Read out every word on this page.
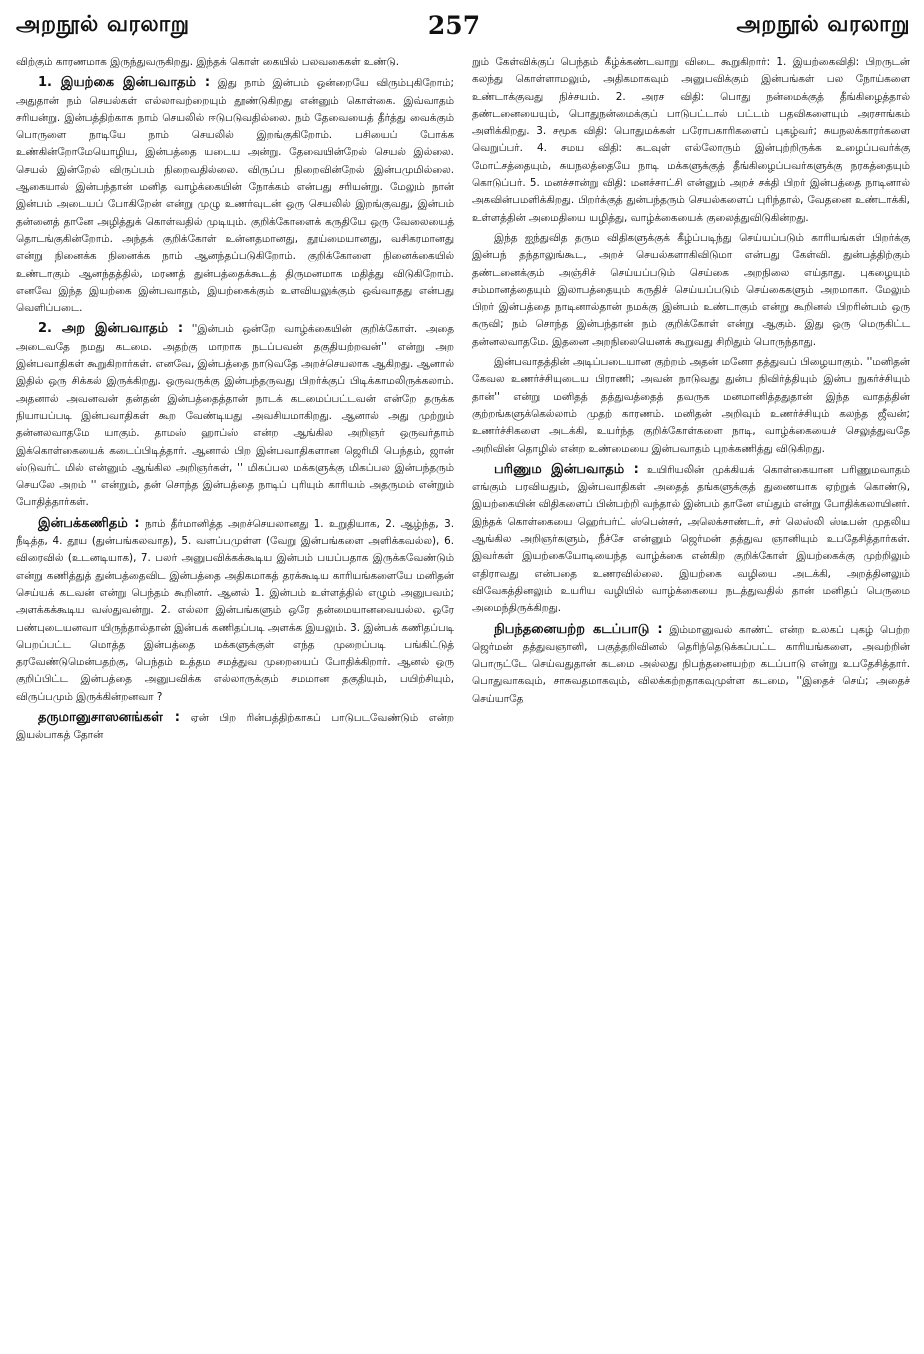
அறநூல் வரலாறு	257	அறநூல் வரலாறு

விற்கும் காரணமாக இருந்துவருகிறது. இந்தக் கொள் கையில் பலவகைகள் உண்டு.

1. இயற்கை இன்பவாதம் : இது நாம் இன்பம் ஒன்றையே விரும்புகிறோம்; அதுதான் நம் செயல்கள் எல்லாவற்றையும் தூண்டுகிறது என்னும் கொள்கை. இவ்வாதம் சரியன்று. இன்பத்திற்காக நாம் செயலில் ஈடுபடுவதில்லை. நம் தேவையைத் தீர்த்து வைக்கும் பொருளை நாடியே நாம் செயலில் இறங்குகிறோம். பசியைப் போக்க உண்கின்றோமேயொழிய, இன்பத்தை யடைய அன்று. தேவையின்றேல் செயல் இல்லை. செயல் இன்றேல் விருப்பம் நிறைவதில்லை. விருப்ப நிறைவின்றேல் இன்பமுமில்லை. ஆகையால் இன்பந்தான் மனித வாழ்க்கையின் நோக்கம் என்பது சரியன்று. மேலும் நான் இன்பம் அடையப் போகிறேன் என்று முழு உணர்வுடன் ஒரு செயலில் இறங்குவது, இன்பம் தன்னைத் தானே அழித்துக் கொள்வதில் முடியும். குறிக்கோளைக் கருதியே ஒரு வேலையைத் தொடங்குகின்றோம். அந்தக் குறிக்கோள் உன்னதமானது, தூய்மையானது, வசிகரமானது என்று நினைக்க நினைக்க நாம் ஆனந்தப்படுகிறோம். குறிக்கோளை நினைக்கையில் உண்டாகும் ஆனந்தத்தில், மரணத் துன்பத்தைக்கூடத் திருமனமாக மதித்து விடுகிறோம். எனவே இந்த இயற்கை இன்பவாதம், இயற்கைக்கும் உளவியலுக்கும் ஒவ்வாதது என்பது வெளிப்படை.

2. அற இன்பவாதம் : ''இன்பம் ஒன்றே வாழ்க்கையின் குறிக்கோள். அதை அடைவதே நமது கடமை. அதற்கு மாறாக நடப்பவன் தகுதியற்றவன்'' என்று அற இன்பவாதிகள் கூறுகிறார்கள். எனவே, இன்பத்தை நாடுவதே அறச்செயலாக ஆகிறது. ஆனால் இதில் ஒரு சிக்கல் இருக்கிறது. ஒருவருக்கு இன்பந்தருவது பிறர்க்குப் பிடிக்காமலிருக்கலாம். அதனால் அவனவன் தன்தன் இன்பத்தைத்தான் நாடக் கடமைப்பட்டவன் என்றே தருக்க நியாயப்படி இன்பவாதிகள் கூற வேண்டியது அவசியமாகிறது. ஆனால் அது முற்றும் தன்னலவாதமே யாகும். தாமஸ் ஹாப்ஸ் என்ற ஆங்கில அறிஞர் ஒருவர்தாம் இக்கொள்கையைக் கடைப்பிடித்தார். ஆனால் பிற இன்பவாதிகளான ஜெரிமி பெந்தம், ஜான் ஸ்டுவர்ட் மில் என்னும் ஆங்கில அறிஞர்கள், '' மிகப்பல மக்களுக்கு மிகப்பல இன்பந்தரும் செயலே அறம் '' என்றும், தன் சொந்த இன்பத்தை நாடிப் புரியும் காரியம் அதருமம் என்றும் போதித்தார்கள்.

இன்பக்கணிதம் : நாம் தீர்மானித்த அறச்செயலானது 1. உறுதியாக, 2. ஆழ்ந்த, 3. நீடித்த, 4. தூய (துன்பங்கலவாத), 5. வளப்பமுள்ள (வேறு இன்பங்களை அளிக்கவல்ல), 6. விரைவில் (உடனடியாக), 7. பலர் அனுபவிக்கக்கூடிய இன்பம் பயப்பதாக இருக்கவேண்டும் என்று கணித்துத் துன்பத்தைவிட இன்பத்தை அதிகமாகத் தரக்கூடிய காரியங்களையே மனிதன் செய்யக் கடவன் என்று பெந்தம் கூறினர். ஆனல் 1. இன்பம் உள்ளத்தில் எழும் அனுபவம்; அளக்கக்கூடிய வஸ்துவன்று. 2. எல்லா இன்பங்களும் ஒரே தன்மையானவையல்ல. ஒரே பண்புடையனவா யிருந்தால்தான் இன்பக் கணிதப்படி அளக்க இயலும். 3. இன்பக் கணிதப்படி பெறப்பட்ட மொத்த இன்பத்தை மக்களுக்குள் எந்த முறைப்படி பங்கிட்டுத் தரவேண்டுமென்பதற்கு, பெந்தம் உத்தம சமத்துவ முறையைப் போதிக்கிறார். ஆனல் ஒரு குறிப்பிட்ட இன்பத்தை அனுபவிக்க எல்லாருக்கும் சமமான தகுதியும், பயிற்சியும், விருப்பமும் இருக்கின்றனவா ?

தருமானுசாஸனங்கள் : ஏன் பிற ரின்பத்திற்காகப் பாடுபடவேண்டும் என்ற இயல்பாகத் தோன்

றும் கேள்விக்குப் பெந்தம் கீழ்க்கண்டவாறு விடை கூறுகிறார்: 1. இயற்கைவிதி: பிறருடன் கலந்து கொள்ளாமலும், அதிகமாகவும் அனுபவிக்கும் இன்பங்கள் பல நோய்களை உண்டாக்குவது நிச்சயம். 2. அரச விதி: பொது நன்மைக்குத் தீங்கிழைத்தால் தண்டனையையும், பொதுநன்மைக்குப் பாடுபட்டால் பட்டம் பதவிகளையும் அரசாங்கம் அளிக்கிறது. 3. சமூக விதி: பொதுமக்கள் பரோபகாரிகளைப் புகழ்வர்; சுயநலக்காரர்களை வெறுப்பர். 4. சமய விதி: கடவுள் எல்லோரும் இன்புற்றிருக்க உழைப்பவர்க்கு மோட்சத்தையும், சுயநலத்தையே நாடி மக்களுக்குத் தீங்கிழைப்பவர்களுக்கு நரகத்தையும் கொடுப்பர். 5. மனச்சான்று விதி: மனச்சாட்சி என்னும் அறச் சக்தி பிறர் இன்பத்தை நாடினால் அகவின்பமளிக்கிறது. பிறர்க்குத் துன்பந்தரும் செயல்களைப் புரிந்தால், வேதனை உண்டாக்கி, உள்ளத்தின் அமைதியை யழித்து, வாழ்க்கையைக் குலைத்துவிடுகின்றது.

இந்த ஐந்துவித தரும விதிகளுக்குக் கீழ்ப்படிந்து செய்யப்படும் காரியங்கள் பிறர்க்கு இன்பந் தந்தாலுங்கூட, அறச் செயல்களாகிவிடுமா என்பது கேள்வி. துன்பத்திற்கும் தண்டனைக்கும் அஞ்சிச் செய்யப்படும் செய்கை அறநிலை எய்தாது. புகழையும் சம்மானத்தையும் இலாபத்தையும் கருதிச் செய்யப்படும் செய்கைகளும் அறமாகா. மேலும் பிறர் இன்பத்தை நாடினால்தான் நமக்கு இன்பம் உண்டாகும் என்று கூறினல் பிறரின்பம் ஒரு கருவி; நம் சொந்த இன்பந்தான் நம் குறிக்கோள் என்று ஆகும். இது ஒரு மெருகிட்ட தன்னலவாதமே. இதனை அறநிலையெனக் கூறுவது சிறிதும் பொருந்தாது.

இன்பவாதத்தின் அடிப்படையான குற்றம் அதன் மனோ தத்துவப் பிழையாகும். ''மனிதன் கேவல உணர்ச்சியுடைய பிராணி; அவன் நாடுவது துன்ப நிவிர்த்தியும் இன்ப நுகர்ச்சியும் தான்'' என்று மனிதத் தத்துவத்தைத் தவருக மனமானித்ததுதான் இந்த வாதத்தின் குற்றங்களுக்கெல்லாம் முதற் காரணம். மனிதன் அறிவும் உணர்ச்சியும் கலந்த ஜீவன்; உணர்ச்சிகளை அடக்கி, உயர்ந்த குறிக்கோள்களை நாடி, வாழ்க்கையைச் செலுத்துவதே அறிவின் தொழில் என்ற உண்மையை இன்பவாதம் புறக்கணித்து விடுகிறது.

பரிணும இன்பவாதம் : உயிரியலின் முக்கியக் கொள்கையான பரிணுமவாதம் எங்கும் பரவியதும், இன்பவாதிகள் அதைத் தங்களுக்குத் துணையாக ஏற்றுக் கொண்டு, இயற்கையின் விதிகளைப் பின்பற்றி வந்தால் இன்பம் தானே எய்தும் என்று போதிக்கலாயினர். இந்தக் கொள்கையை ஹெர்பர்ட் ஸ்பென்சர், அலெக்சாண்டர், சர் லெஸ்லி ஸ்டீபன் முதலிய ஆங்கில அறிஞர்களும், நீச்சே என்னும் ஜெர்மன் தத்துவ ஞானியும் உபதேசித்தார்கள். இவர்கள் இயற்கையோடியைந்த வாழ்க்கை என்கிற குறிக்கோள் இயற்கைக்கு முற்றிலும் எதிராவது என்பதை உணரவில்லை. இயற்கை வழியை அடக்கி, அறத்தினலும் விவேகத்தினலும் உயரிய வழியில் வாழ்க்கையை நடத்துவதில் தான் மனிதப் பெருமை அமைந்திருக்கிறது.

நிபந்தனையற்ற கடப்பாடு : இம்மானுவல் காண்ட் என்ற உலகப் புகழ் பெற்ற ஜெர்மன் தத்துவஞானி, பகுத்தறிவினல் தெரிந்தெடுக்கப்பட்ட காரியங்களை, அவற்றின் பொருட்டே செய்வதுதான் கடமை அல்லது நிபந்தனையற்ற கடப்பாடு என்று உபதேசித்தார். பொதுவாகவும், சாசுவதமாகவும், விலக்கற்றதாகவுமுள்ள கடமை, ''இதைச் செய்; அதைச் செய்யாதே
